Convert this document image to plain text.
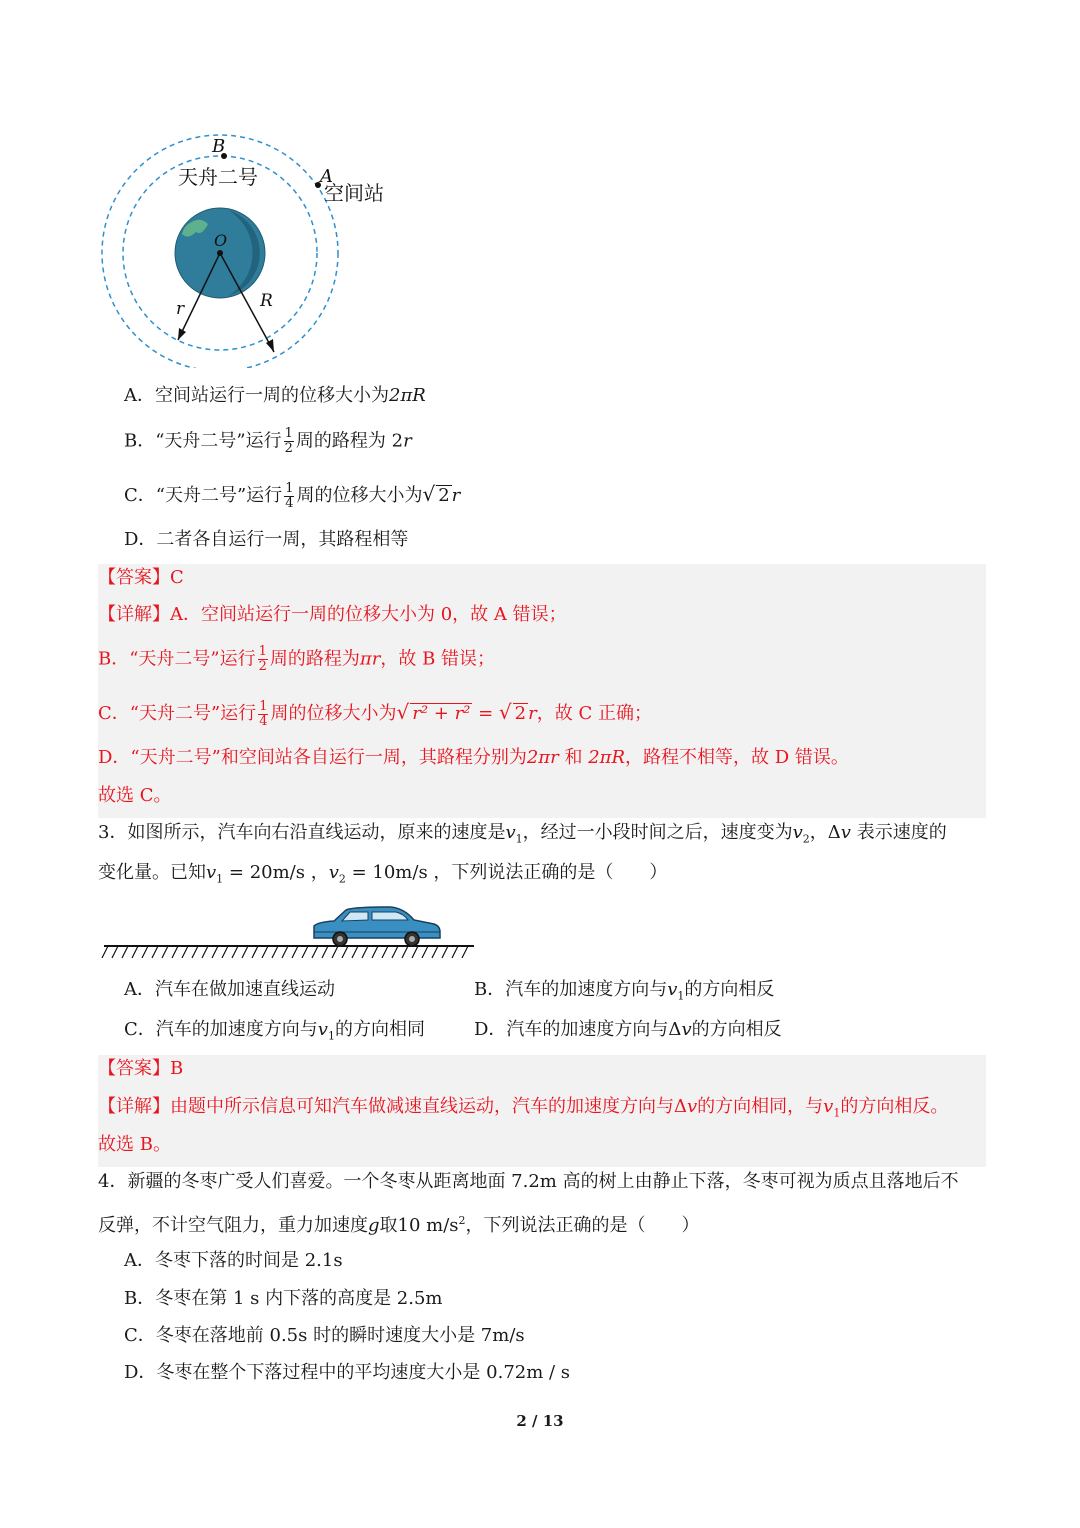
B
A
O
r	R
天舟二号
空间站
A．空间站运行一周的位移大小为2πR
B．“天舟二号”运行 $\frac{1}{2}$ 周的路程为 2r
C．“天舟二号”运行 $\frac{1}{4}$ 周的位移大小为√ 2 r
D．二者各自运行一周，其路程相等
【答案】C
【详解】A．空间站运行一周的位移大小为 0，故 A 错误；
B．“天舟二号”运行 $\frac{1}{2}$ 周的路程为πr，故 B 错误；
C．“天舟二号”运行 $\frac{1}{4}$ 周的位移大小为√ r² + r² = √ 2 r，故 C 正确；
D．“天舟二号”和空间站各自运行一周，其路程分别为2πr 和 2πR，路程不相等，故 D 错误。
故选 C。
3．如图所示，汽车向右沿直线运动，原来的速度是$v_1$，经过一小段时间之后，速度变为$v_2$，Δv 表示速度的
变化量。已知$v_1 = 20m/s$ ，$v_2 = 10m/s$ ，下列说法正确的是（　　）
A．汽车在做加速直线运动	B．汽车的加速度方向与$v_1$的方向相反
C．汽车的加速度方向与$v_1$的方向相同	D．汽车的加速度方向与Δv的方向相反
【答案】B
【详解】由题中所示信息可知汽车做减速直线运动，汽车的加速度方向与Δv的方向相同，与$v_1$的方向相反。
故选 B。
4．新疆的冬枣广受人们喜爱。一个冬枣从距离地面 7.2m 高的树上由静止下落，冬枣可视为质点且落地后不
反弹，不计空气阻力，重力加速度g取10 $m/s^2$，下列说法正确的是（　　）
A．冬枣下落的时间是 2.1s
B．冬枣在第 1 s 内下落的高度是 2.5m
C．冬枣在落地前 0.5s 时的瞬时速度大小是 7m/s
D．冬枣在整个下落过程中的平均速度大小是 0.72m / s
2 / 13
